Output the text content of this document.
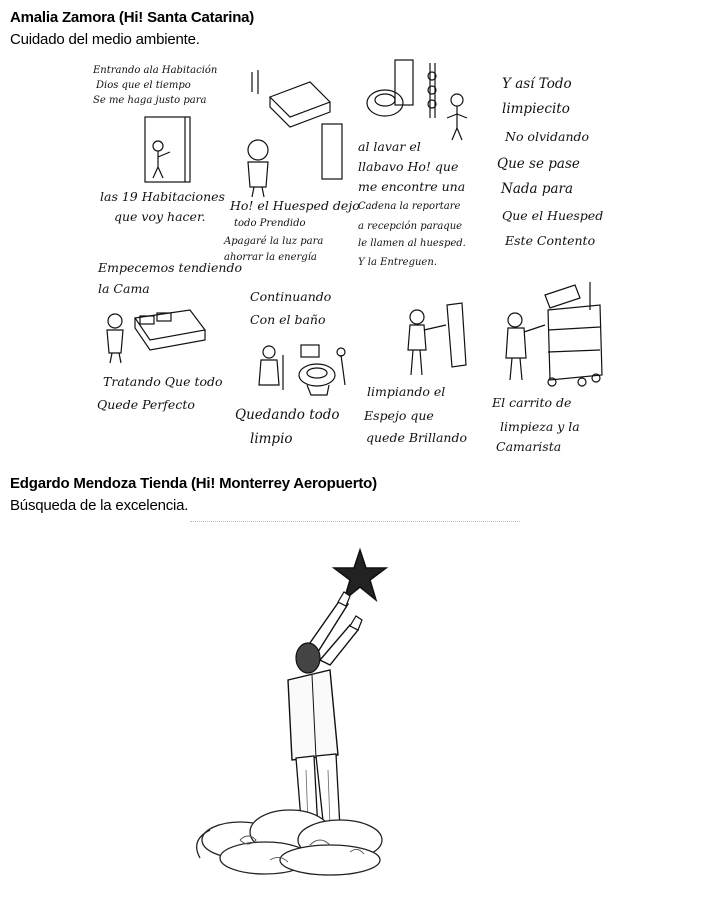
Amalia Zamora (Hi! Santa Catarina)
Cuidado del medio ambiente.
Entrando ala Habitación
Dios que el tiempo
Se me haga justo para
las 19 Habitaciones
que voy hacer.
Ho! el Huesped dejo
todo Prendido
Apagaré la luz para
ahorrar la energía
al lavar el
llabavo Ho! que
me encontre una
Cadena la reportare
a recepción paraque
le llamen al huesped.
Y la Entreguen.
Y así Todo
limpiecito
No olvidando
Que se pase
Nada para
Que el Huesped
Este Contento
Empecemos tendiendo
la Cama
Tratando Que todo
Quede Perfecto
Continuando
Con el baño
Quedando todo
limpio
limpiando el
Espejo que
quede Brillando
El carrito de
limpieza y la
Camarista
Edgardo Mendoza Tienda (Hi! Monterrey Aeropuerto)
Búsqueda de la excelencia.
